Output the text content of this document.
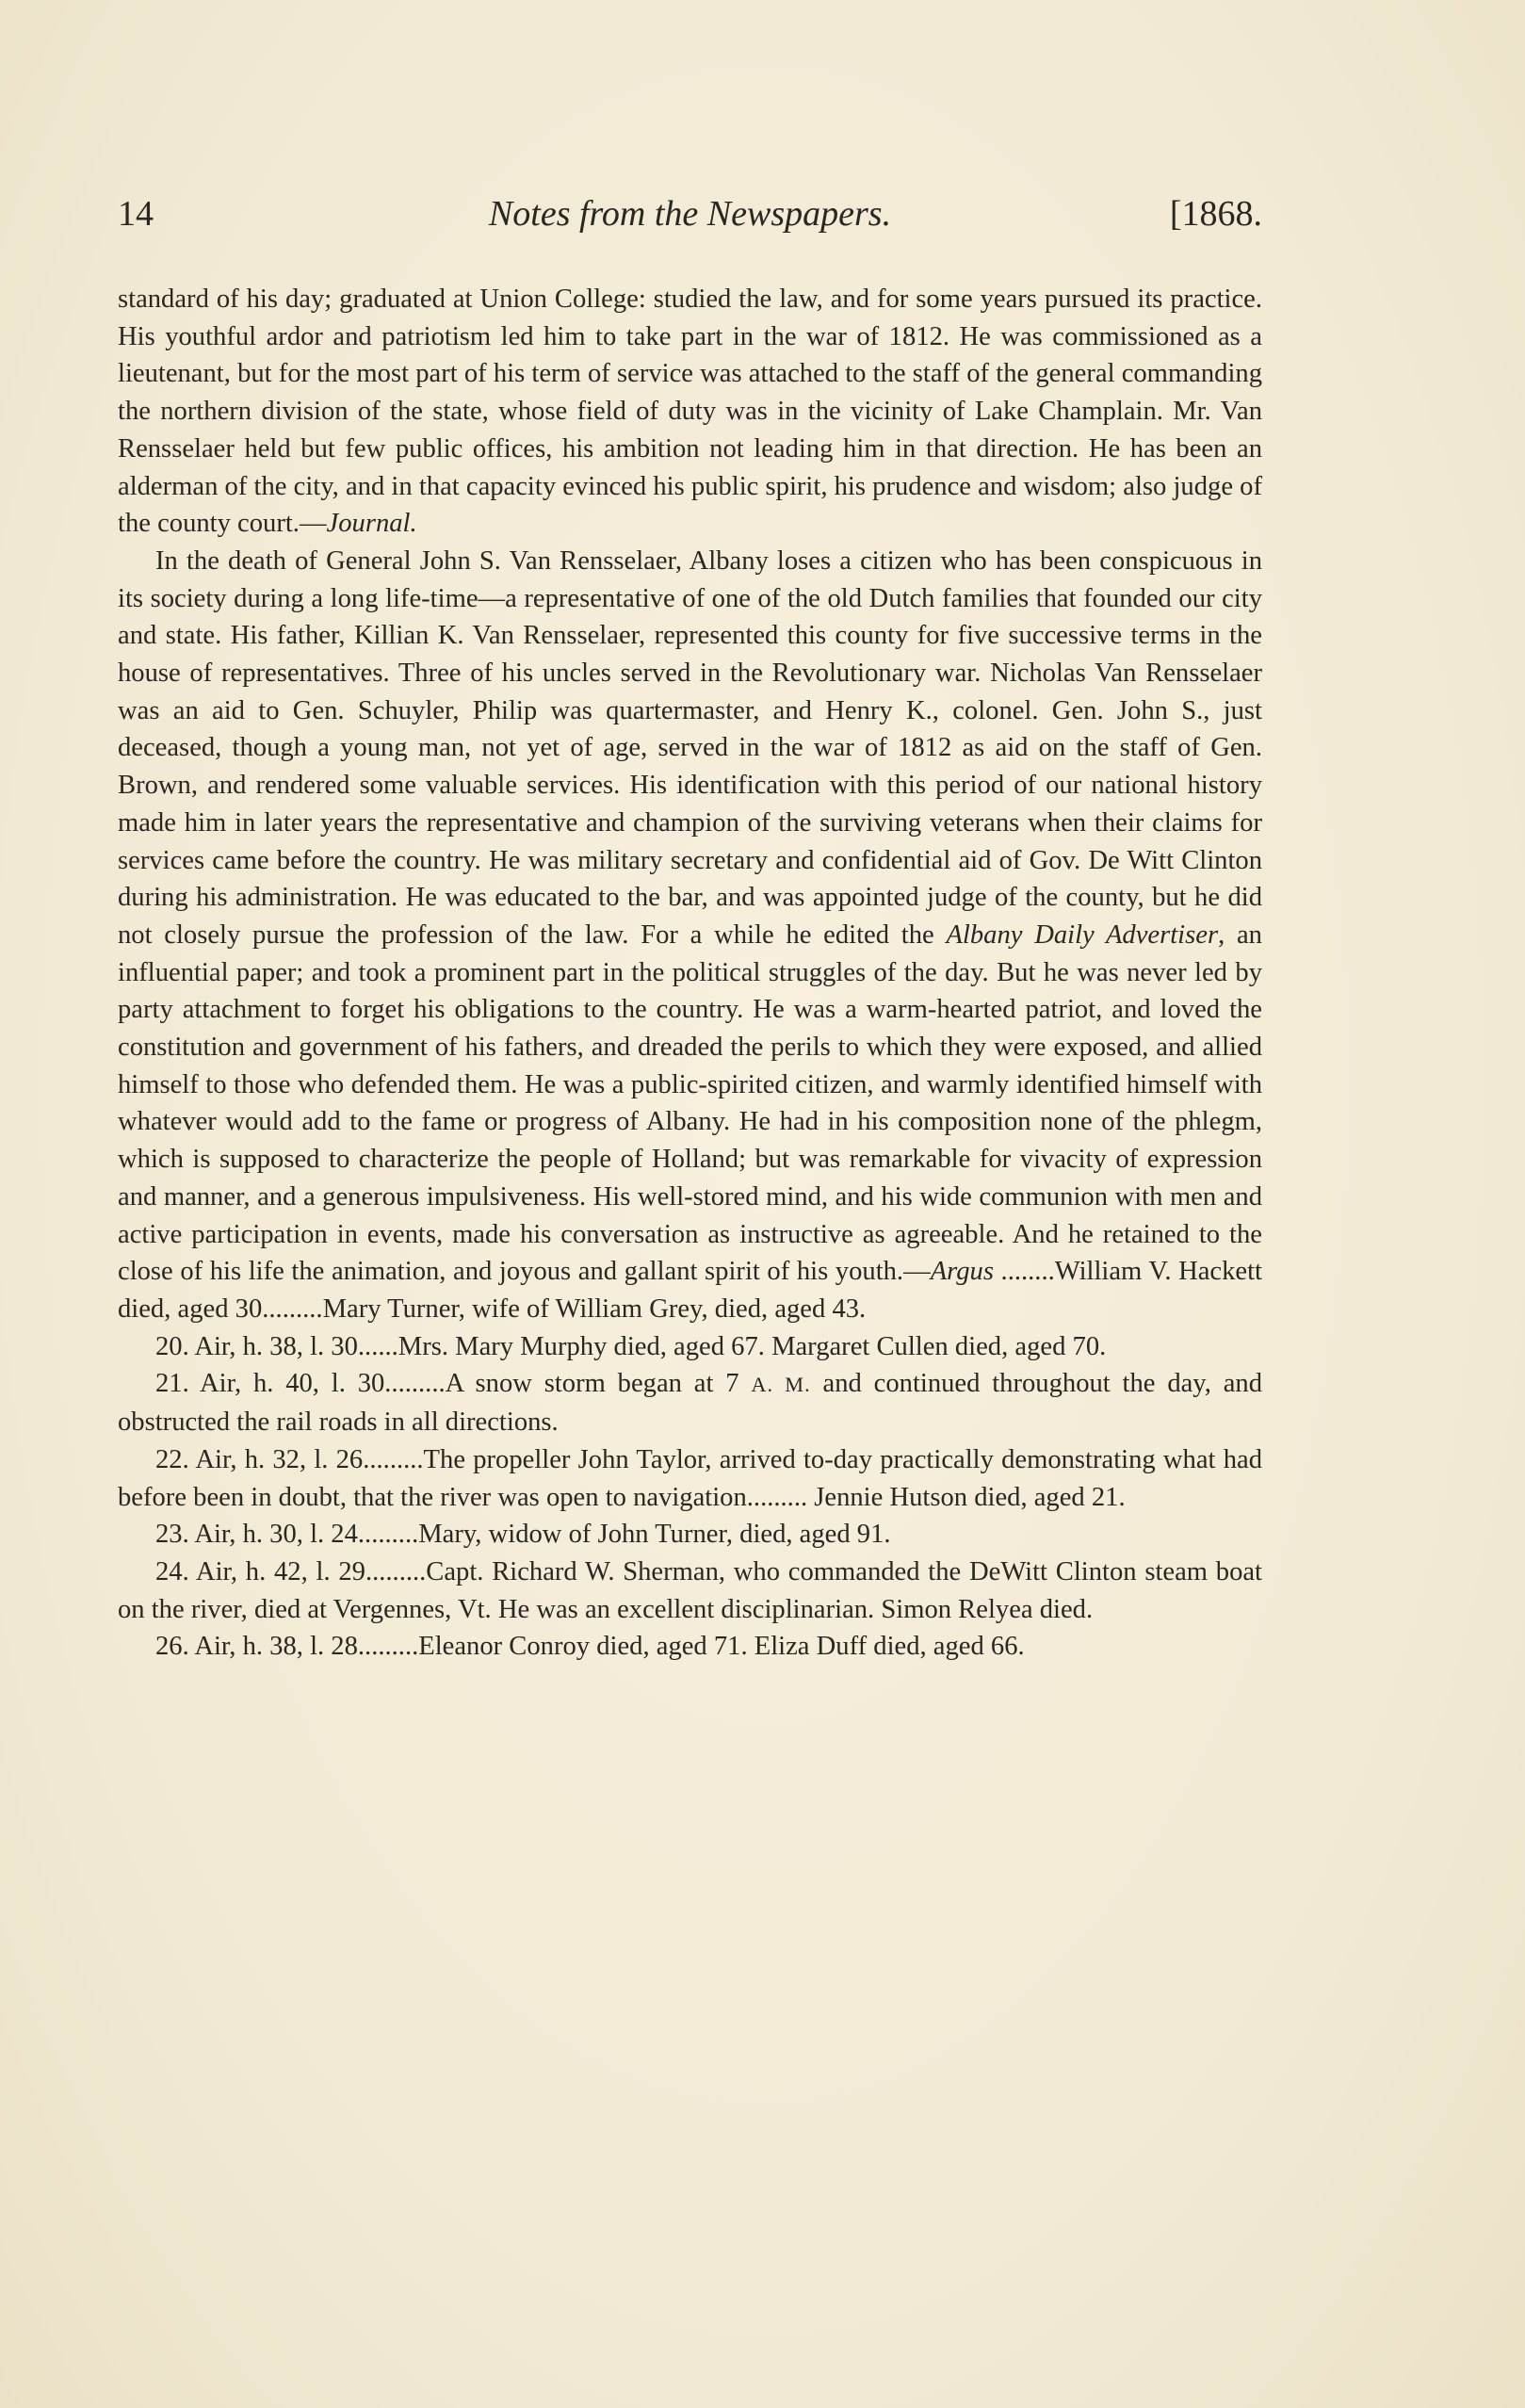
14	Notes from the Newspapers.	[1868.

standard of his day; graduated at Union College: studied the law, and for some years pursued its practice. His youthful ardor and patriotism led him to take part in the war of 1812. He was commissioned as a lieutenant, but for the most part of his term of service was attached to the staff of the general commanding the northern division of the state, whose field of duty was in the vicinity of Lake Champlain. Mr. Van Rensselaer held but few public offices, his ambition not leading him in that direction. He has been an alderman of the city, and in that capacity evinced his public spirit, his prudence and wisdom; also judge of the county court.—Journal.

In the death of General John S. Van Rensselaer, Albany loses a citizen who has been conspicuous in its society during a long life-time—a representative of one of the old Dutch families that founded our city and state. His father, Killian K. Van Rensselaer, represented this county for five successive terms in the house of representatives. Three of his uncles served in the Revolutionary war. Nicholas Van Rensselaer was an aid to Gen. Schuyler, Philip was quartermaster, and Henry K., colonel. Gen. John S., just deceased, though a young man, not yet of age, served in the war of 1812 as aid on the staff of Gen. Brown, and rendered some valuable services. His identification with this period of our national history made him in later years the representative and champion of the surviving veterans when their claims for services came before the country. He was military secretary and confidential aid of Gov. De Witt Clinton during his administration. He was educated to the bar, and was appointed judge of the county, but he did not closely pursue the profession of the law. For a while he edited the Albany Daily Advertiser, an influential paper; and took a prominent part in the political struggles of the day. But he was never led by party attachment to forget his obligations to the country. He was a warm-hearted patriot, and loved the constitution and government of his fathers, and dreaded the perils to which they were exposed, and allied himself to those who defended them. He was a public-spirited citizen, and warmly identified himself with whatever would add to the fame or progress of Albany. He had in his composition none of the phlegm, which is supposed to characterize the people of Holland; but was remarkable for vivacity of expression and manner, and a generous impulsiveness. His well-stored mind, and his wide communion with men and active participation in events, made his conversation as instructive as agreeable. And he retained to the close of his life the animation, and joyous and gallant spirit of his youth.—Argus ........William V. Hackett died, aged 30.........Mary Turner, wife of William Grey, died, aged 43.

20. Air, h. 38, l. 30......Mrs. Mary Murphy died, aged 67. Margaret Cullen died, aged 70.

21. Air, h. 40, l. 30.........A snow storm began at 7 A. M. and continued throughout the day, and obstructed the rail roads in all directions.

22. Air, h. 32, l. 26.........The propeller John Taylor, arrived to-day practically demonstrating what had before been in doubt, that the river was open to navigation......... Jennie Hutson died, aged 21.

23. Air, h. 30, l. 24.........Mary, widow of John Turner, died, aged 91.

24. Air, h. 42, l. 29.........Capt. Richard W. Sherman, who commanded the DeWitt Clinton steam boat on the river, died at Vergennes, Vt. He was an excellent disciplinarian. Simon Relyea died.

26. Air, h. 38, l. 28.........Eleanor Conroy died, aged 71. Eliza Duff died, aged 66.
